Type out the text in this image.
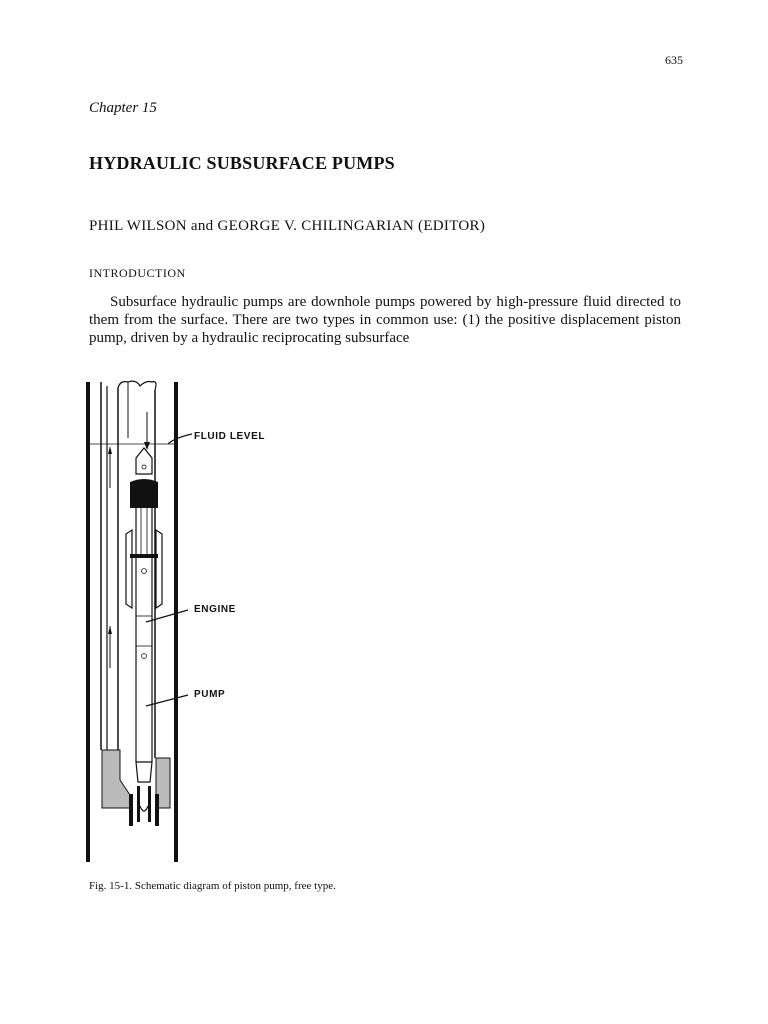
635
Chapter 15
HYDRAULIC SUBSURFACE PUMPS
PHIL WILSON and GEORGE V. CHILINGARIAN (EDITOR)
INTRODUCTION

Subsurface hydraulic pumps are downhole pumps powered by high-pressure fluid directed to them from the surface. There are two types in common use: (1) the positive displacement piston pump, driven by a hydraulic reciprocating subsurface

FLUID LEVEL
ENGINE
PUMP
Fig. 15-1. Schematic diagram of piston pump, free type.
